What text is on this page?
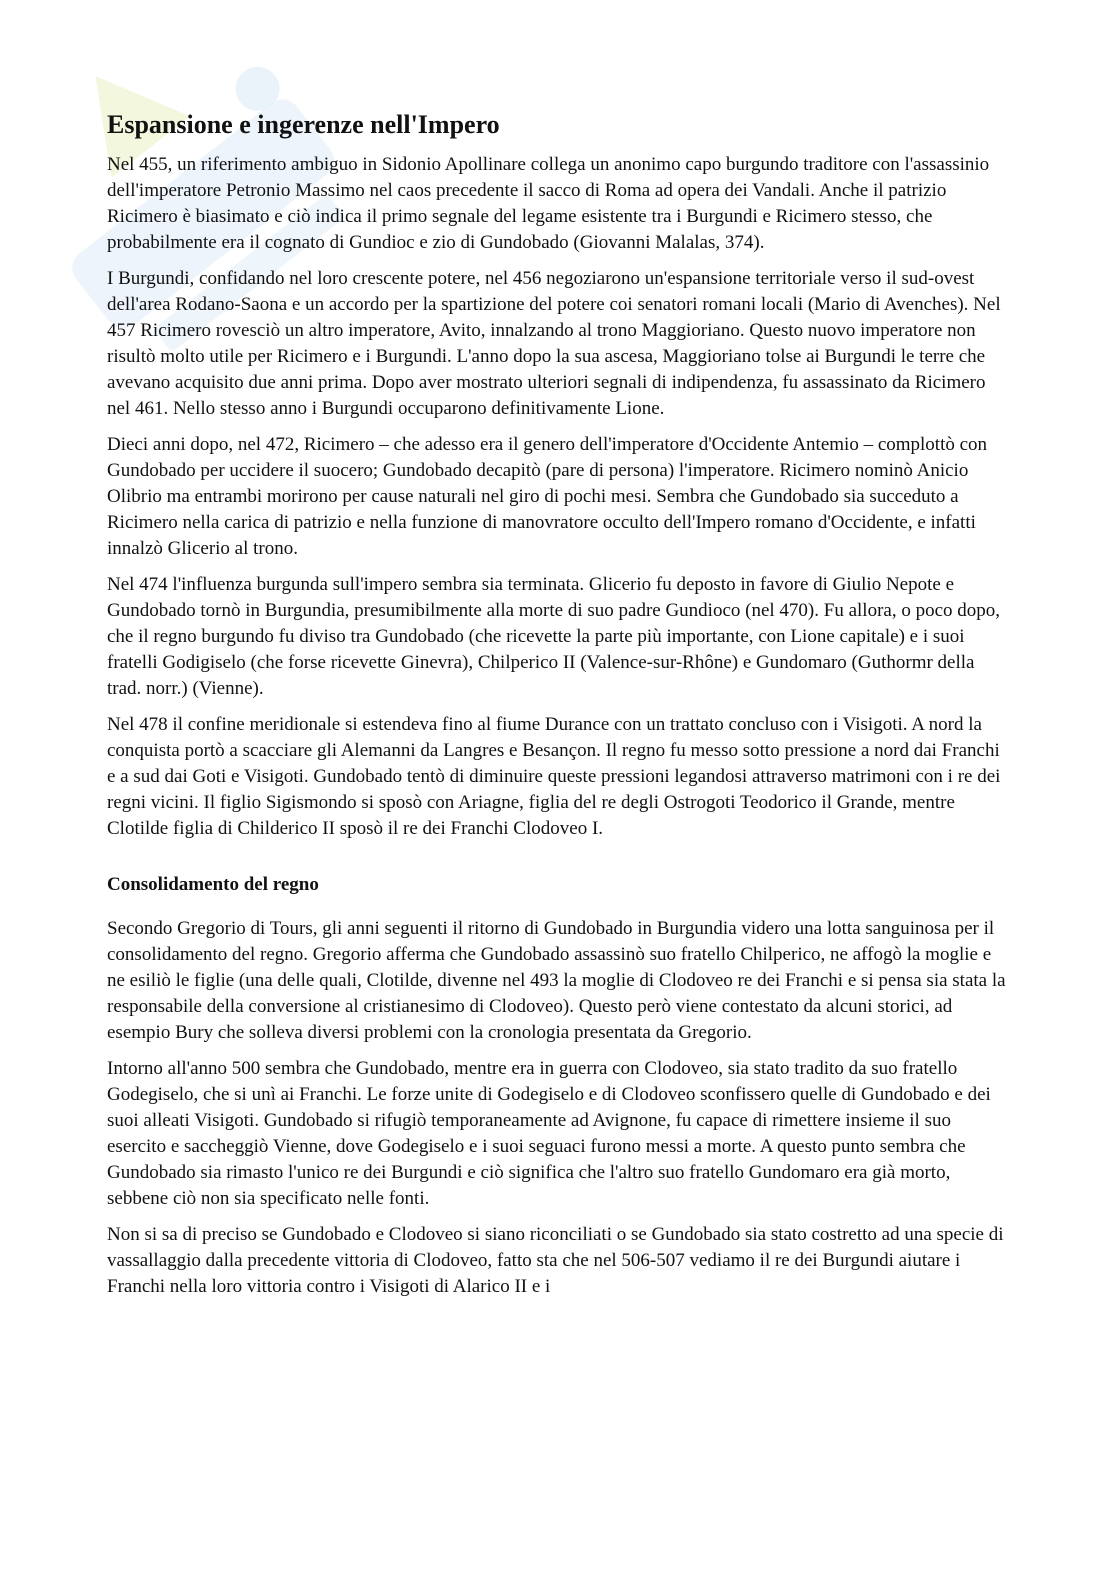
Espansione e ingerenze nell'Impero

Nel 455, un riferimento ambiguo in Sidonio Apollinare collega un anonimo capo burgundo traditore con l'assassinio dell'imperatore Petronio Massimo nel caos precedente il sacco di Roma ad opera dei Vandali. Anche il patrizio Ricimero è biasimato e ciò indica il primo segnale del legame esistente tra i Burgundi e Ricimero stesso, che probabilmente era il cognato di Gundioc e zio di Gundobado (Giovanni Malalas, 374).

I Burgundi, confidando nel loro crescente potere, nel 456 negoziarono un'espansione territoriale verso il sud-ovest dell'area Rodano-Saona e un accordo per la spartizione del potere coi senatori romani locali (Mario di Avenches). Nel 457 Ricimero rovesciò un altro imperatore, Avito, innalzando al trono Maggioriano. Questo nuovo imperatore non risultò molto utile per Ricimero e i Burgundi. L'anno dopo la sua ascesa, Maggioriano tolse ai Burgundi le terre che avevano acquisito due anni prima. Dopo aver mostrato ulteriori segnali di indipendenza, fu assassinato da Ricimero nel 461. Nello stesso anno i Burgundi occuparono definitivamente Lione.

Dieci anni dopo, nel 472, Ricimero – che adesso era il genero dell'imperatore d'Occidente Antemio – complottò con Gundobado per uccidere il suocero; Gundobado decapitò (pare di persona) l'imperatore. Ricimero nominò Anicio Olibrio ma entrambi morirono per cause naturali nel giro di pochi mesi. Sembra che Gundobado sia succeduto a Ricimero nella carica di patrizio e nella funzione di manovratore occulto dell'Impero romano d'Occidente, e infatti innalzò Glicerio al trono.

Nel 474 l'influenza burgunda sull'impero sembra sia terminata. Glicerio fu deposto in favore di Giulio Nepote e Gundobado tornò in Burgundia, presumibilmente alla morte di suo padre Gundioco (nel 470). Fu allora, o poco dopo, che il regno burgundo fu diviso tra Gundobado (che ricevette la parte più importante, con Lione capitale) e i suoi fratelli Godigiselo (che forse ricevette Ginevra), Chilperico II (Valence-sur-Rhône) e Gundomaro (Guthormr della trad. norr.) (Vienne).

Nel 478 il confine meridionale si estendeva fino al fiume Durance con un trattato concluso con i Visigoti. A nord la conquista portò a scacciare gli Alemanni da Langres e Besançon. Il regno fu messo sotto pressione a nord dai Franchi e a sud dai Goti e Visigoti. Gundobado tentò di diminuire queste pressioni legandosi attraverso matrimoni con i re dei regni vicini. Il figlio Sigismondo si sposò con Ariagne, figlia del re degli Ostrogoti Teodorico il Grande, mentre Clotilde figlia di Childerico II sposò il re dei Franchi Clodoveo I.

Consolidamento del regno

Secondo Gregorio di Tours, gli anni seguenti il ritorno di Gundobado in Burgundia videro una lotta sanguinosa per il consolidamento del regno. Gregorio afferma che Gundobado assassinò suo fratello Chilperico, ne affogò la moglie e ne esiliò le figlie (una delle quali, Clotilde, divenne nel 493 la moglie di Clodoveo re dei Franchi e si pensa sia stata la responsabile della conversione al cristianesimo di Clodoveo). Questo però viene contestato da alcuni storici, ad esempio Bury che solleva diversi problemi con la cronologia presentata da Gregorio.

Intorno all'anno 500 sembra che Gundobado, mentre era in guerra con Clodoveo, sia stato tradito da suo fratello Godegiselo, che si unì ai Franchi. Le forze unite di Godegiselo e di Clodoveo sconfissero quelle di Gundobado e dei suoi alleati Visigoti. Gundobado si rifugiò temporaneamente ad Avignone, fu capace di rimettere insieme il suo esercito e saccheggiò Vienne, dove Godegiselo e i suoi seguaci furono messi a morte. A questo punto sembra che Gundobado sia rimasto l'unico re dei Burgundi e ciò significa che l'altro suo fratello Gundomaro era già morto, sebbene ciò non sia specificato nelle fonti.

Non si sa di preciso se Gundobado e Clodoveo si siano riconciliati o se Gundobado sia stato costretto ad una specie di vassallaggio dalla precedente vittoria di Clodoveo, fatto sta che nel 506-507 vediamo il re dei Burgundi aiutare i Franchi nella loro vittoria contro i Visigoti di Alarico II e i
